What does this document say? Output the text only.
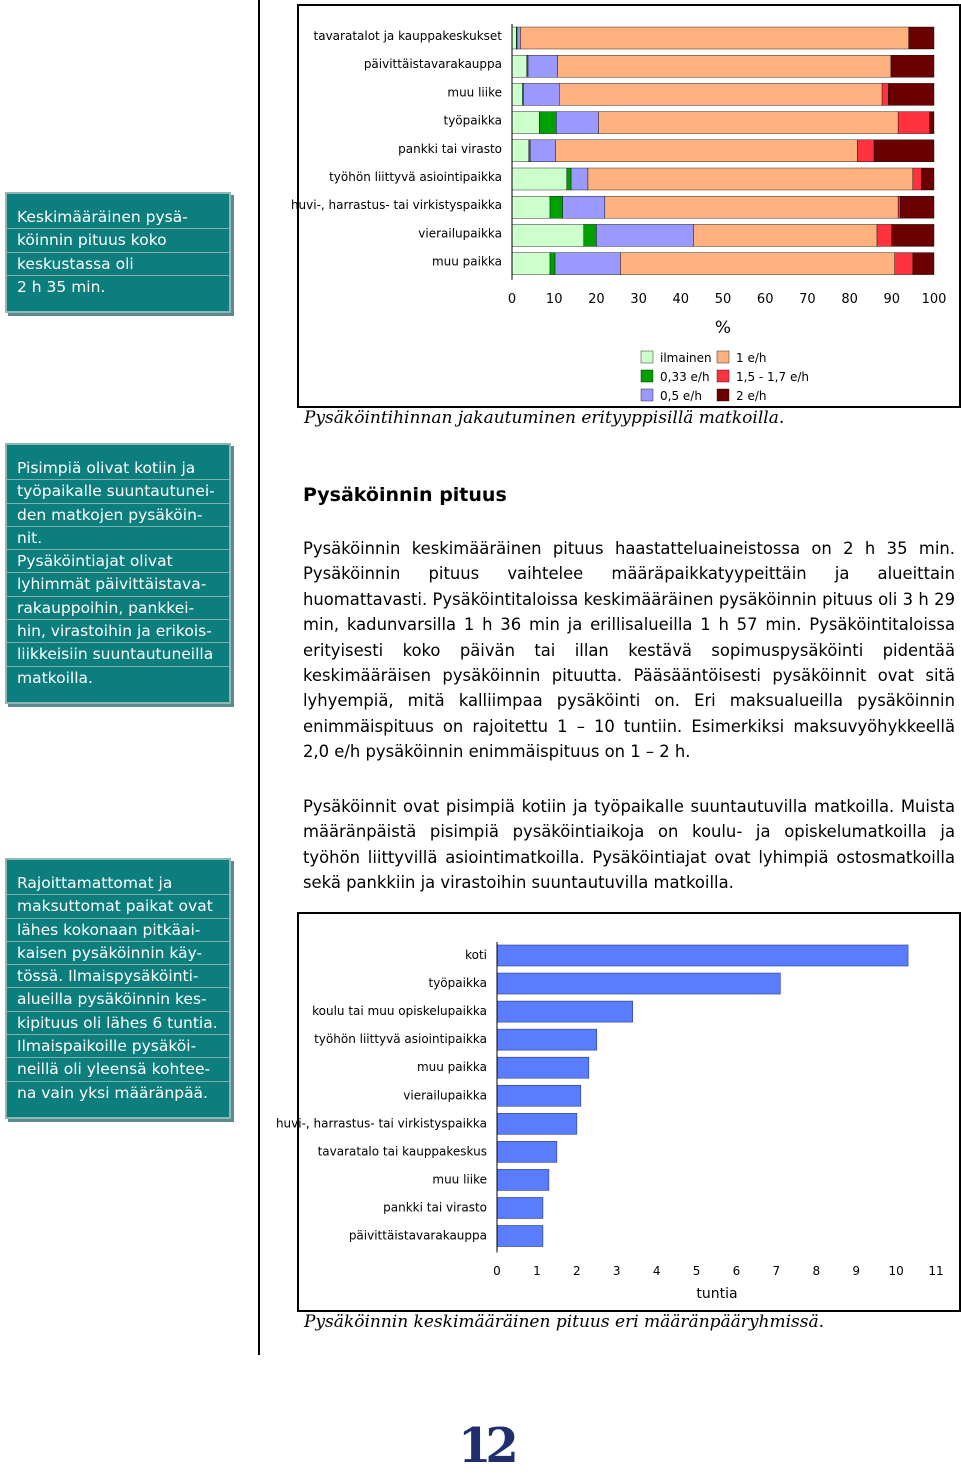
Keskimääräinen pysä-
köinnin pituus koko
keskustassa oli
2 h 35 min.
Pisimpiä olivat kotiin ja
työpaikalle suuntautunei-
den matkojen pysäköin-
nit.
Pysäköintiajat olivat
lyhimmät päivittäistava-
rakauppoihin, pankkei-
hin, virastoihin ja erikois-
liikkeisiin suuntautuneilla
matkoilla.
Rajoittamattomat ja
maksuttomat paikat ovat
lähes kokonaan pitkäai-
kaisen pysäköinnin käy-
tössä. Ilmaispysäköinti-
alueilla pysäköinnin kes-
kipituus oli lähes 6 tuntia.
Ilmaispaikoille pysäköi-
neillä oli yleensä kohtee-
na vain yksi määränpää.
tavaratalot ja kauppakeskukset
päivittäistavarakauppa
muu liike
työpaikka
pankki tai virasto
työhön liittyvä asiointipaikka
huvi-, harrastus- tai virkistyspaikka
vierailupaikka
muu paikka
0 10 20 30 40 50 60 70 80 90 100
%
ilmainen
0,33 e/h
0,5 e/h
1 e/h
1,5 - 1,7 e/h
2 e/h
Pysäköintihinnan jakautuminen erityyppisillä matkoilla.
Pysäköinnin pituus
Pysäköinnin keskimääräinen pituus haastatteluaineistossa on 2 h 35 min. Pysäköinnin pituus vaihtelee määräpaikkatyypeittäin ja alueittain huomattavasti. Pysäköintitaloissa keskimääräinen pysäköinnin pituus oli 3 h 29 min, kadunvarsilla 1 h 36 min ja erillisalueilla 1 h 57 min. Pysäköintitaloissa erityisesti koko päivän tai illan kestävä sopimuspysäköinti pidentää keskimääräisen pysäköinnin pituutta. Pääsääntöisesti pysäköinnit ovat sitä lyhyempiä, mitä kalliimpaa pysäköinti on. Eri maksualueilla pysäköinnin enimmäispituus on rajoitettu 1 – 10 tuntiin. Esimerkiksi maksuvyöhykkeellä 2,0 e/h pysäköinnin enimmäispituus on 1 – 2 h.
Pysäköinnit ovat pisimpiä kotiin ja työpaikalle suuntautuvilla matkoilla. Muista määränpäistä pisimpiä pysäköintiaikoja on koulu- ja opiskelumatkoilla ja työhön liittyvillä asiointimatkoilla. Pysäköintiajat ovat lyhimpiä ostosmatkoilla sekä pankkiin ja virastoihin suuntautuvilla matkoilla.
koti
työpaikka
koulu tai muu opiskelupaikka
työhön liittyvä asiointipaikka
muu paikka
vierailupaikka
huvi-, harrastus- tai virkistyspaikka
tavaratalo tai kauppakeskus
muu liike
pankki tai virasto
päivittäistavarakauppa
0	1	2	3	4	5	6	7	8	9 10 11
tuntia
Pysäköinnin keskimääräinen pituus eri määränpääryhmissä.
12
